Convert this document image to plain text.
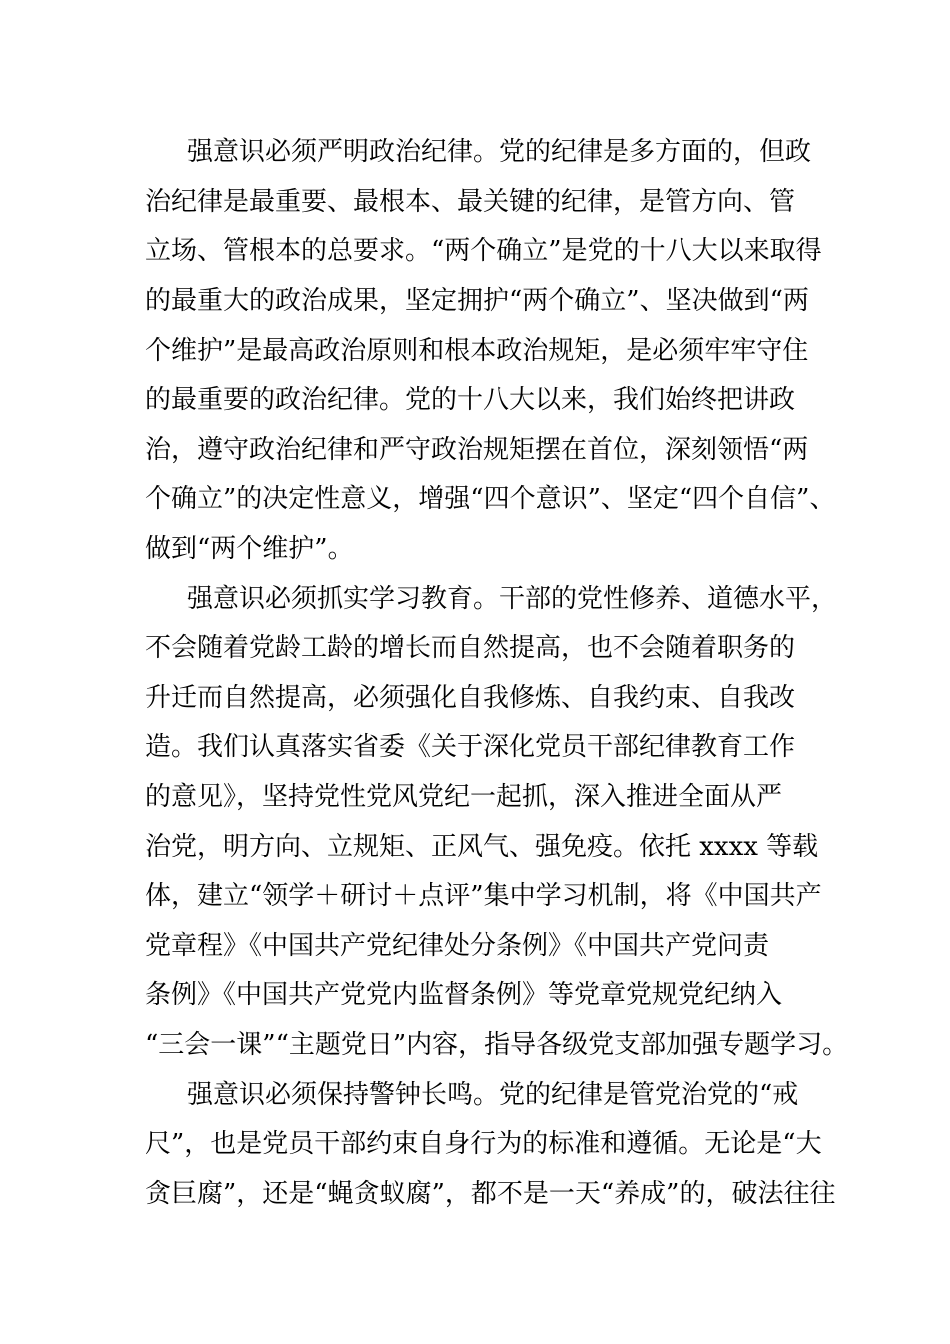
强意识必须严明政治纪律。党的纪律是多方面的，但政
治纪律是最重要、最根本、最关键的纪律，是管方向、管
立场、管根本的总要求。“两个确立”是党的十八大以来取得
的最重大的政治成果，坚定拥护“两个确立”、坚决做到“两
个维护”是最高政治原则和根本政治规矩，是必须牢牢守住
的最重要的政治纪律。党的十八大以来，我们始终把讲政
治，遵守政治纪律和严守政治规矩摆在首位，深刻领悟“两
个确立”的决定性意义，增强“四个意识”、坚定“四个自信”、
做到“两个维护”。
强意识必须抓实学习教育。干部的党性修养、道德水平，
不会随着党龄工龄的增长而自然提高，也不会随着职务的
升迁而自然提高，必须强化自我修炼、自我约束、自我改
造。我们认真落实省委《关于深化党员干部纪律教育工作
的意见》，坚持党性党风党纪一起抓，深入推进全面从严
治党，明方向、立规矩、正风气、强免疫。依托 xxxx 等载
体，建立“领学＋研讨＋点评”集中学习机制，将《中国共产
党章程》《中国共产党纪律处分条例》《中国共产党问责
条例》《中国共产党党内监督条例》等党章党规党纪纳入
“三会一课”“主题党日”内容，指导各级党支部加强专题学习。
强意识必须保持警钟长鸣。党的纪律是管党治党的“戒
尺”，也是党员干部约束自身行为的标准和遵循。无论是“大
贪巨腐”，还是“蝇贪蚁腐”，都不是一天“养成”的，破法往往
